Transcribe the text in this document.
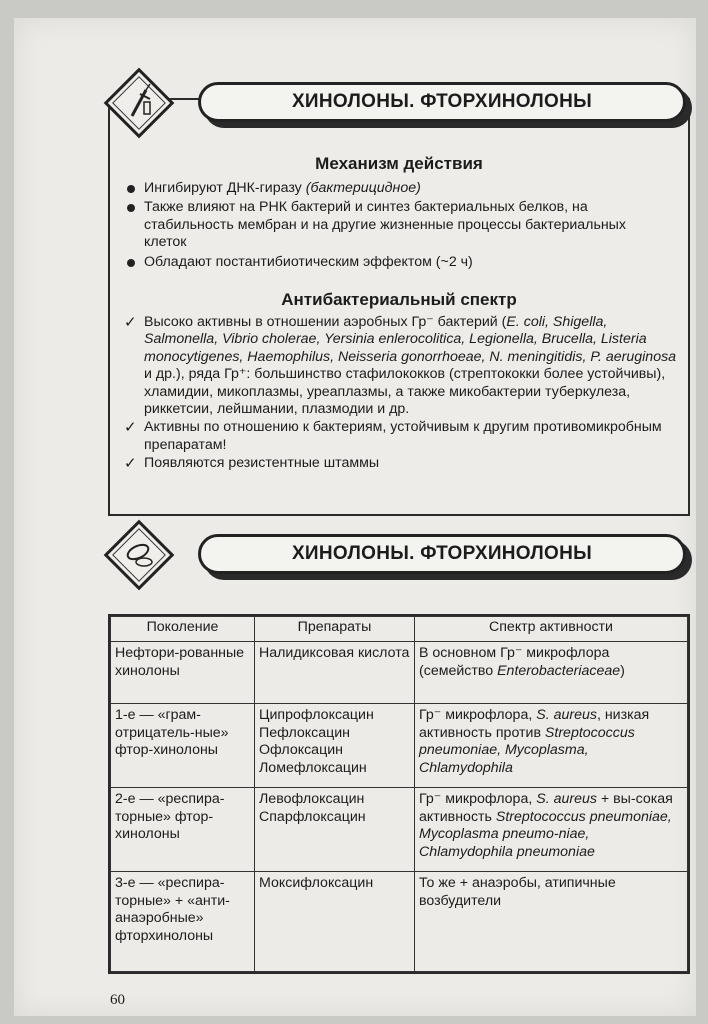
Механизм действия
Ингибируют ДНК-гиразу (бактерицидное)
Также влияют на РНК бактерий и синтез бактериальных белков, на стабильность мембран и на другие жизненные процессы бактериальных клеток
Обладают постантибиотическим эффектом (~2 ч)
Антибактериальный спектр
✓ Высоко активны в отношении аэробных Гр⁻ бактерий (E. coli, Shigella, Salmonella, Vibrio cholerae, Yersinia enlerocolitica, Legionella, Brucella, Listeria monocytigenes, Haemophilus, Neisseria gonorrhoeae, N. meningitidis, P. aeruginosa и др.), ряда Гр⁺: большинство стафилококков (стрептококки более устойчивы), хламидии, микоплазмы, уреаплазмы, а также микобактерии туберкулеза, риккетсии, лейшмании, плазмодии и др.
✓ Активны по отношению к бактериям, устойчивым к другим противомикробным препаратам!
✓ Появляются резистентные штаммы
ХИНОЛОНЫ. ФТОРХИНОЛОНЫ
ХИНОЛОНЫ. ФТОРХИНОЛОНЫ
Поколение	Препараты	Спектр активности
Нефтори-рованные хинолоны	Налидиксовая кислота	В основном Гр⁻ микрофлора (семейство Enterobacteriaceae)
1-е — «грам-отрицатель-ные» фтор-хинолоны	Ципрофлоксацин Пефлоксацин Офлоксацин Ломефлоксацин	Гр⁻ микрофлора, S. aureus, низкая активность против Streptococcus pneumoniae, Mycoplasma, Chlamydophila
2-е — «респира-торные» фтор-хинолоны	Левофлоксацин Спарфлоксацин	Гр⁻ микрофлора, S. aureus + вы-сокая активность Streptococcus pneumoniae, Mycoplasma pneumo-niae, Chlamydophila pneumoniae
3-е — «респира-торные» + «анти-анаэробные» фторхинолоны	Моксифлоксацин	То же + анаэробы, атипичные возбудители
60
